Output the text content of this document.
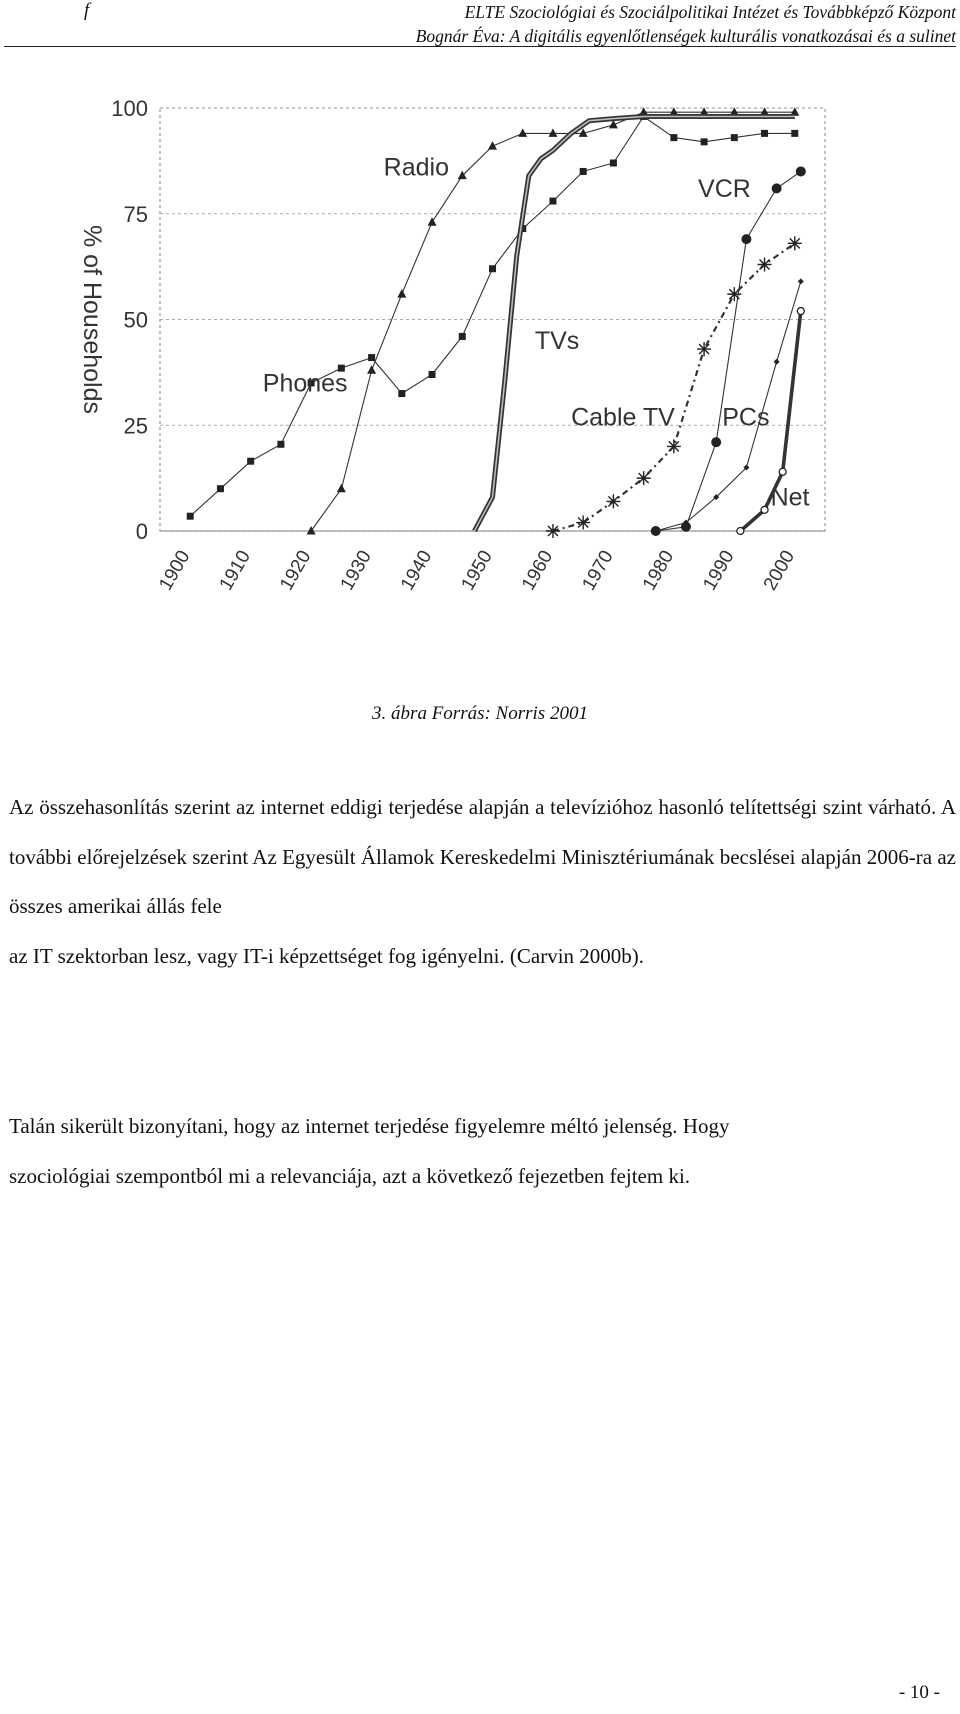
f	ELTE Szociológiai és Szociálpolitikai Intézet és Továbbképző Központ
Bognár Éva: A digitális egyenlőtlenségek kulturális vonatkozásai és a sulinet
0
25
50
75
100
1900 1910 1920 1930 1940 1950 1960 1970 1980 1990 2000
% of Households	Phones
Radio
TVs
Cable TV
VCR
PCs
Net
3. ábra Forrás: Norris 2001
Az összehasonlítás szerint az internet eddigi terjedése alapján a televízióhoz hasonló telítettségi szint várható. A további előrejelzések szerint Az Egyesült Államok Kereskedelmi Minisztériumának becslései alapján 2006-ra az összes amerikai állás fele
az IT szektorban lesz, vagy IT-i képzettséget fog igényelni. (Carvin 2000b).
Talán sikerült bizonyítani, hogy az internet terjedése figyelemre méltó jelenség. Hogy
szociológiai szempontból mi a relevanciája, azt a következő fejezetben fejtem ki.
- 10 -
